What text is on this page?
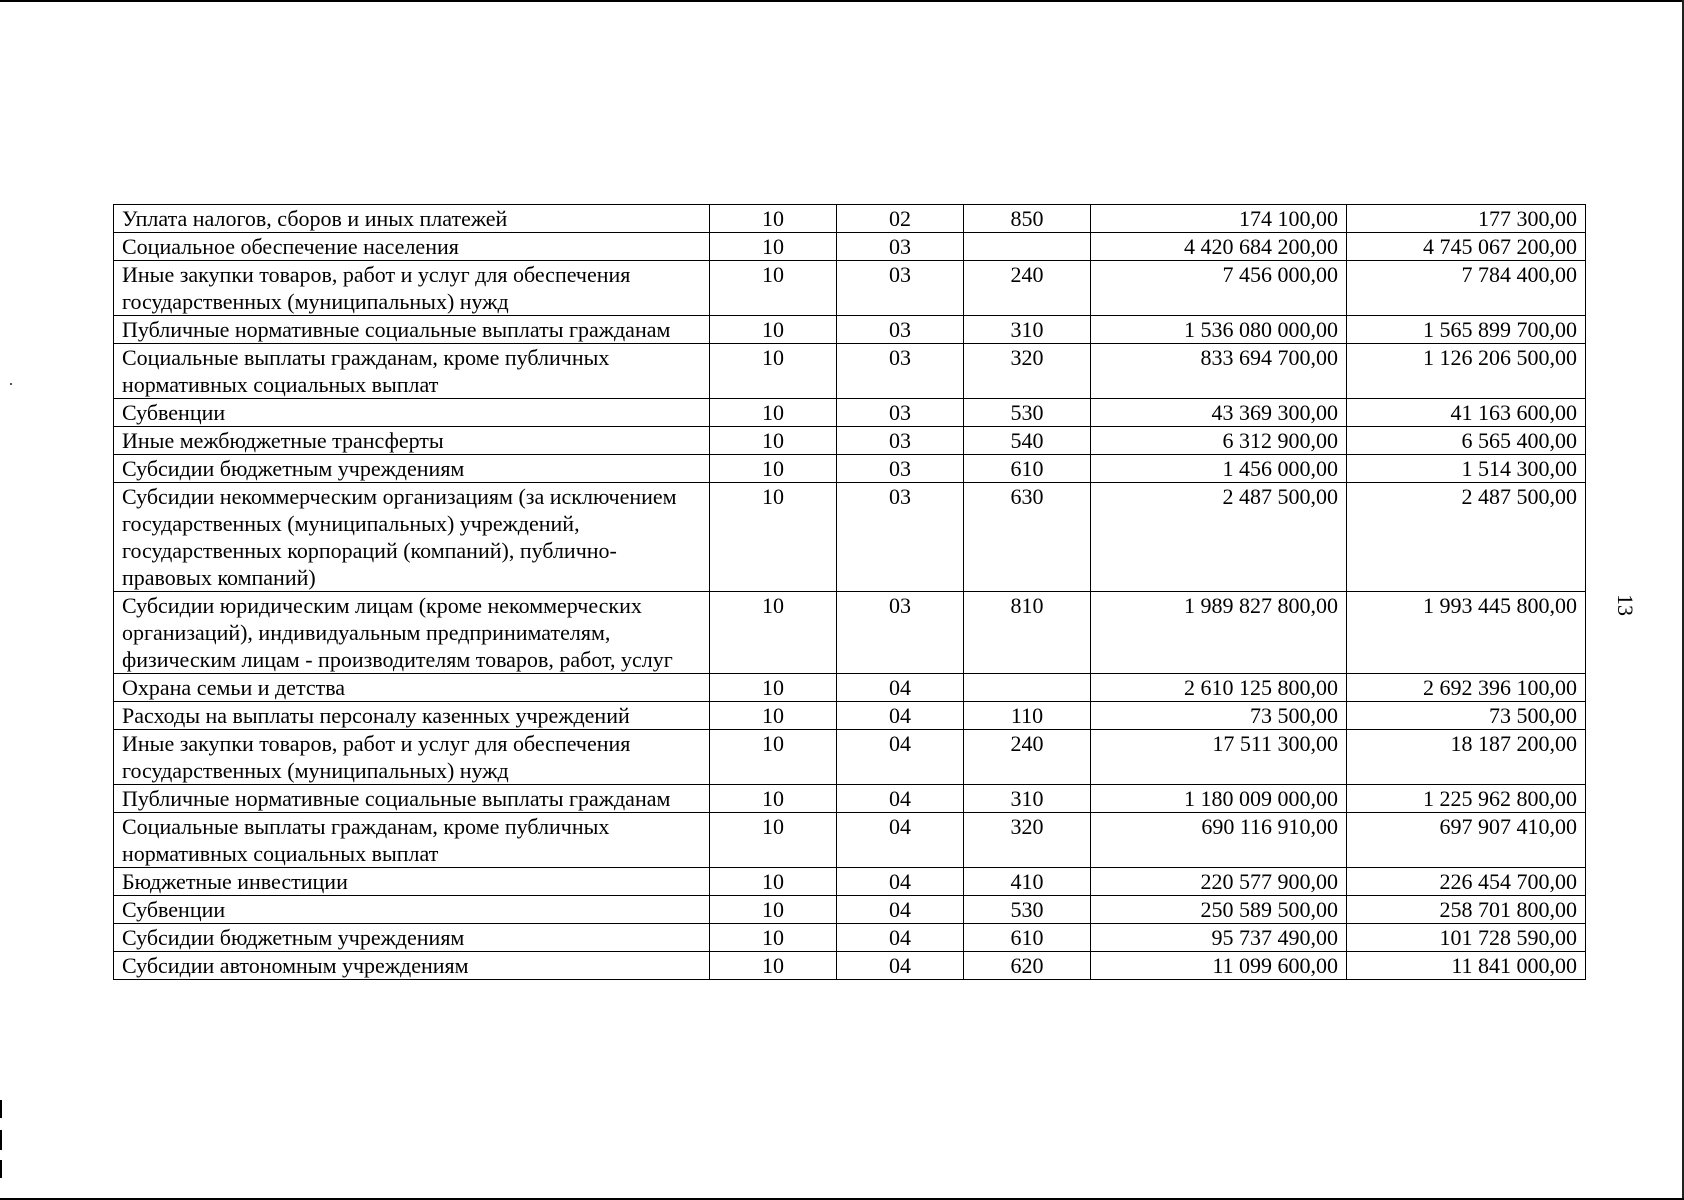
13
Уплата налогов, сборов и иных платежей	10	02	850	174 100,00	177 300,00
Социальное обеспечение населения	10	03		4 420 684 200,00	4 745 067 200,00
Иные закупки товаров, работ и услуг для обеспечения государственных (муниципальных) нужд	10	03	240	7 456 000,00	7 784 400,00
Публичные нормативные социальные выплаты гражданам	10	03	310	1 536 080 000,00	1 565 899 700,00
Социальные выплаты гражданам, кроме публичных нормативных социальных выплат	10	03	320	833 694 700,00	1 126 206 500,00
Субвенции	10	03	530	43 369 300,00	41 163 600,00
Иные межбюджетные трансферты	10	03	540	6 312 900,00	6 565 400,00
Субсидии бюджетным учреждениям	10	03	610	1 456 000,00	1 514 300,00
Субсидии некоммерческим организациям (за исключением государственных (муниципальных) учреждений, государственных корпораций (компаний), публично-правовых компаний)	10	03	630	2 487 500,00	2 487 500,00
Субсидии юридическим лицам (кроме некоммерческих организаций), индивидуальным предпринимателям, физическим лицам - производителям товаров, работ, услуг	10	03	810	1 989 827 800,00	1 993 445 800,00
Охрана семьи и детства	10	04		2 610 125 800,00	2 692 396 100,00
Расходы на выплаты персоналу казенных учреждений	10	04	110	73 500,00	73 500,00
Иные закупки товаров, работ и услуг для обеспечения государственных (муниципальных) нужд	10	04	240	17 511 300,00	18 187 200,00
Публичные нормативные социальные выплаты гражданам	10	04	310	1 180 009 000,00	1 225 962 800,00
Социальные выплаты гражданам, кроме публичных нормативных социальных выплат	10	04	320	690 116 910,00	697 907 410,00
Бюджетные инвестиции	10	04	410	220 577 900,00	226 454 700,00
Субвенции	10	04	530	250 589 500,00	258 701 800,00
Субсидии бюджетным учреждениям	10	04	610	95 737 490,00	101 728 590,00
Субсидии автономным учреждениям	10	04	620	11 099 600,00	11 841 000,00
